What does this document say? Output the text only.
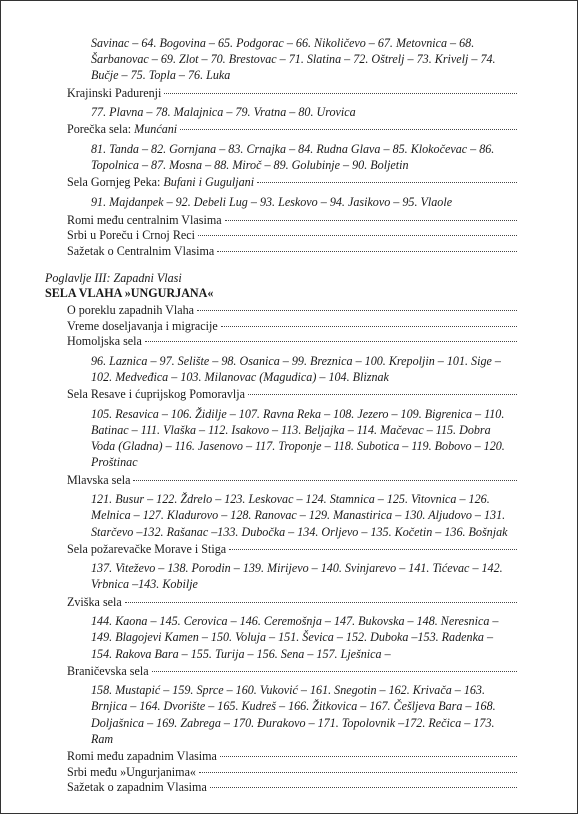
Savinac – 64. Bogovina – 65. Podgorac – 66. Nikoličevo – 67. Metovnica – 68. Šarbanovac – 69. Zlot – 70. Brestovac – 71. Slatina – 72. Oštrelj – 73. Krivelj – 74. Bučje – 75. Topla – 76. Luka

Krajinski Padurenji

77. Plavna – 78. Malajnica – 79. Vratna – 80. Urovica

Porečka sela: Munćani

81. Tanda – 82. Gornjana – 83. Crnajka – 84. Rudna Glava – 85. Klokočevac – 86. Topolnica – 87. Mosna – 88. Miroč – 89. Golubinje – 90. Boljetin

Sela Gornjeg Peka: Bufani i Gugulјani

91. Majdanpek – 92. Debeli Lug – 93. Leskovo – 94. Jasikovo – 95. Vlaole

Romi među centralnim Vlasima
Srbi u Poreču i Crnoj Reci
Sažetak o Centralnim Vlasima

Poglavlje III: Zapadni Vlasi

SELA VLAHA »UNGURJANA«

O poreklu zapadnih Vlaha
Vreme doseljavanja i migracije
Homoljska sela

96. Laznica – 97. Selište – 98. Osanica – 99. Breznica – 100. Krepoljin – 101. Sige – 102. Medveđica – 103. Milanovac (Magudica) – 104. Bliznak

Sela Resave i ćuprijskog Pomoravlja

105. Resavica – 106. Židilje – 107. Ravna Reka – 108. Jezero – 109. Bigrenica – 110. Batinac – 111. Vlaška – 112. Isakovo – 113. Beljajka – 114. Mačevac – 115. Dobra Voda (Gladna) – 116. Jasenovo – 117. Troponje – 118. Subotica – 119. Bobovo – 120. Proštinac

Mlavska sela

121. Busur – 122. Ždrelo – 123. Leskovac – 124. Stamnica – 125. Vitovnica – 126. Melnica – 127. Kladurovo – 128. Ranovac – 129. Manastirica – 130. Aljudovo – 131. Starčevo –132. Rašanac –133. Dubočka – 134. Orljevo – 135. Kočetin – 136. Bošnjak

Sela požarevačke Morave i Stiga

137. Viteževo – 138. Porodin – 139. Mirijevo – 140. Svinjarevo – 141. Tićevac – 142. Vrbnica –143. Kobilje

Zviška sela

144. Kaona – 145. Cerovica – 146. Ceremošnja – 147. Bukovska – 148. Neresnica – 149. Blagojevi Kamen – 150. Voluja – 151. Ševica – 152. Duboka –153. Radenka – 154. Rakova Bara – 155. Turija – 156. Sena – 157. Lješnica –

Braničevska sela

158. Mustapić – 159. Sprce – 160. Vuković – 161. Snegotin – 162. Krivača – 163. Brnjica – 164. Dvorište – 165. Kudreš – 166. Žitkovica – 167. Češljeva Bara – 168. Doljašnica – 169. Zabrega – 170. Đurakovo – 171. Topolovnik –172. Rečica – 173. Ram

Romi među zapadnim Vlasima
Srbi među »Ungurjanima«
Sažetak o zapadnim Vlasima
